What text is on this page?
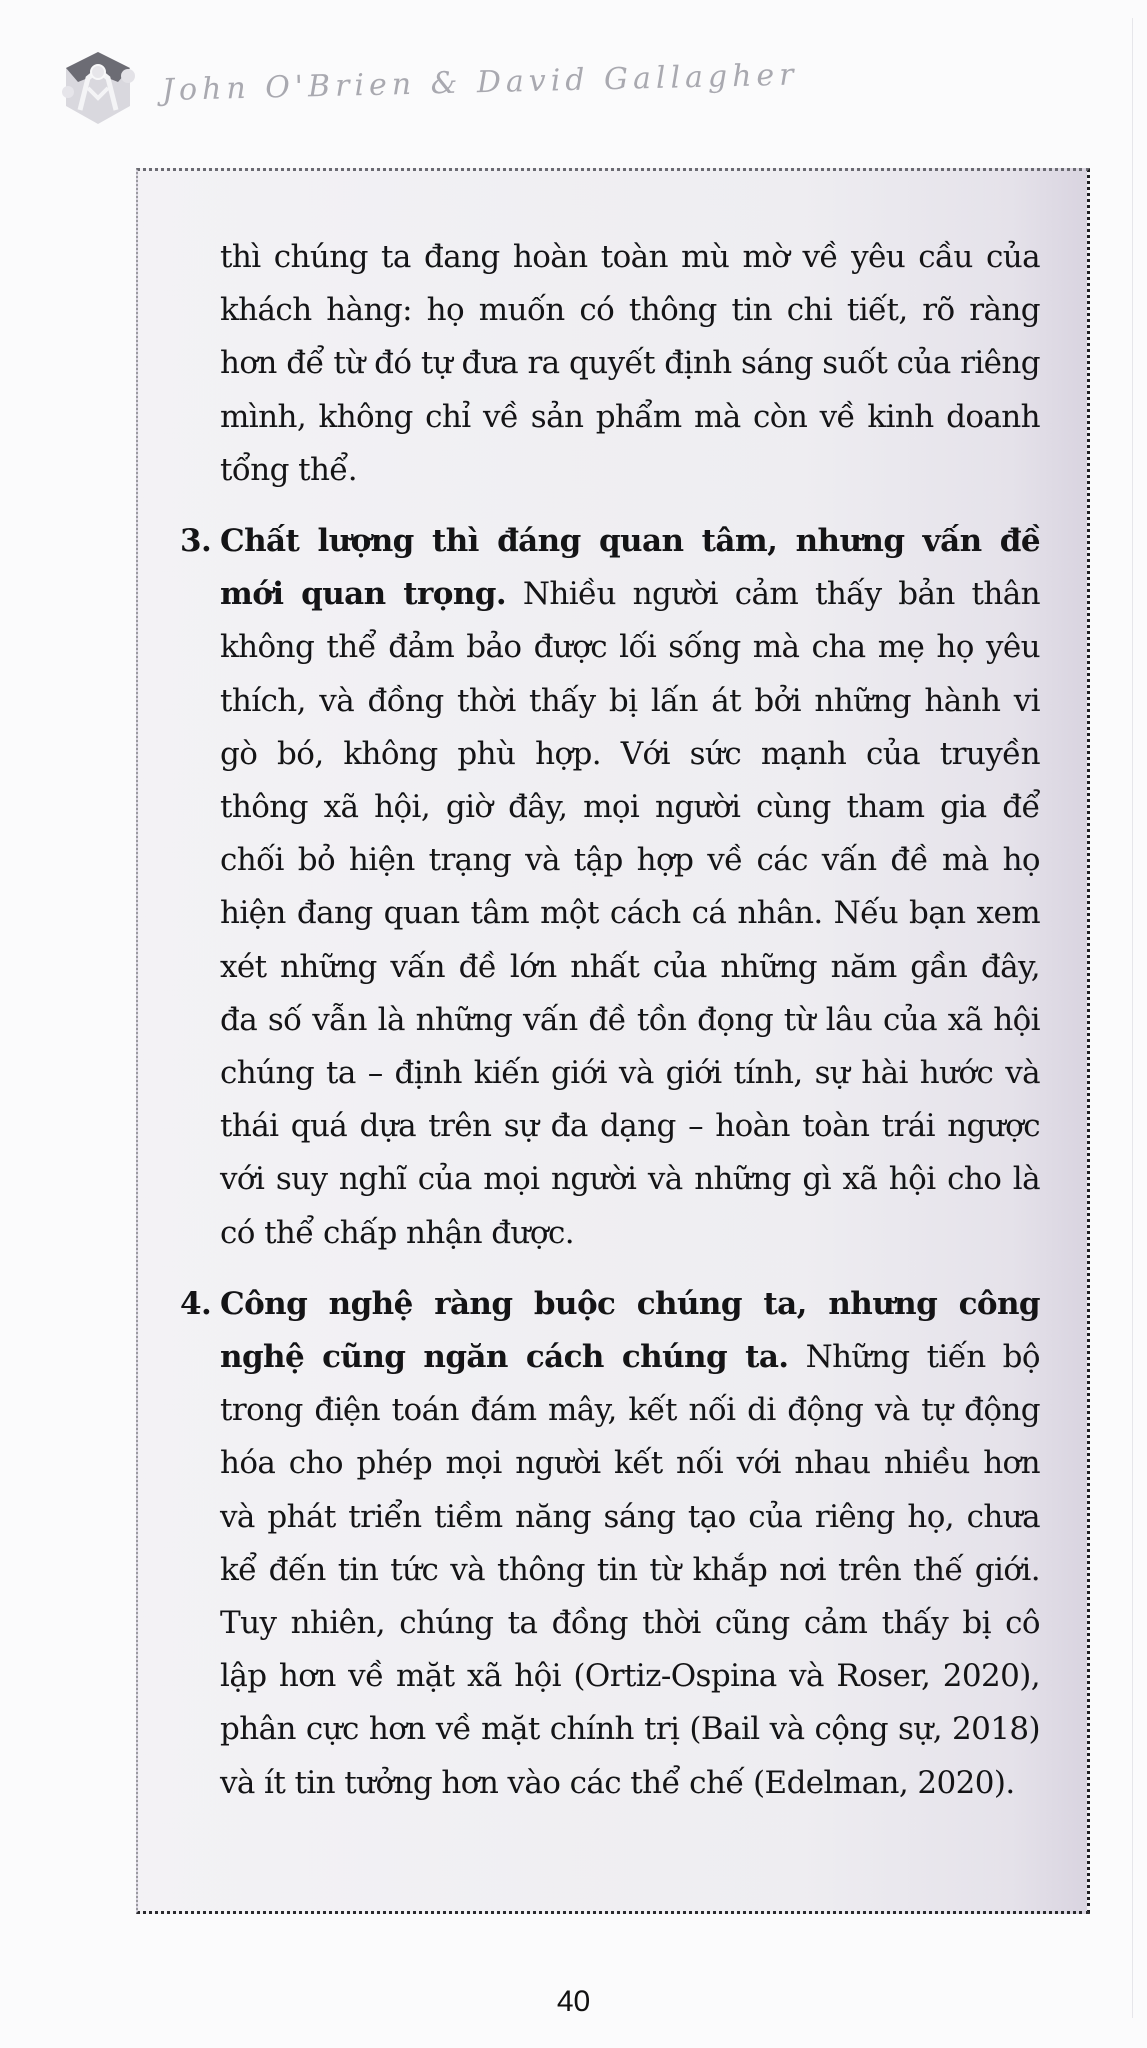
John O'Brien & David Gallagher

thì chúng ta đang hoàn toàn mù mờ về yêu cầu của khách hàng: họ muốn có thông tin chi tiết, rõ ràng hơn để từ đó tự đưa ra quyết định sáng suốt của riêng mình, không chỉ về sản phẩm mà còn về kinh doanh tổng thể.

3. Chất lượng thì đáng quan tâm, nhưng vấn đề mới quan trọng. Nhiều người cảm thấy bản thân không thể đảm bảo được lối sống mà cha mẹ họ yêu thích, và đồng thời thấy bị lấn át bởi những hành vi gò bó, không phù hợp. Với sức mạnh của truyền thông xã hội, giờ đây, mọi người cùng tham gia để chối bỏ hiện trạng và tập hợp về các vấn đề mà họ hiện đang quan tâm một cách cá nhân. Nếu bạn xem xét những vấn đề lớn nhất của những năm gần đây, đa số vẫn là những vấn đề tồn đọng từ lâu của xã hội chúng ta – định kiến giới và giới tính, sự hài hước và thái quá dựa trên sự đa dạng – hoàn toàn trái ngược với suy nghĩ của mọi người và những gì xã hội cho là có thể chấp nhận được.
4. Công nghệ ràng buộc chúng ta, nhưng công nghệ cũng ngăn cách chúng ta. Những tiến bộ trong điện toán đám mây, kết nối di động và tự động hóa cho phép mọi người kết nối với nhau nhiều hơn và phát triển tiềm năng sáng tạo của riêng họ, chưa kể đến tin tức và thông tin từ khắp nơi trên thế giới. Tuy nhiên, chúng ta đồng thời cũng cảm thấy bị cô lập hơn về mặt xã hội (Ortiz-Ospina và Roser, 2020), phân cực hơn về mặt chính trị (Bail và cộng sự, 2018) và ít tin tưởng hơn vào các thể chế (Edelman, 2020).
40
